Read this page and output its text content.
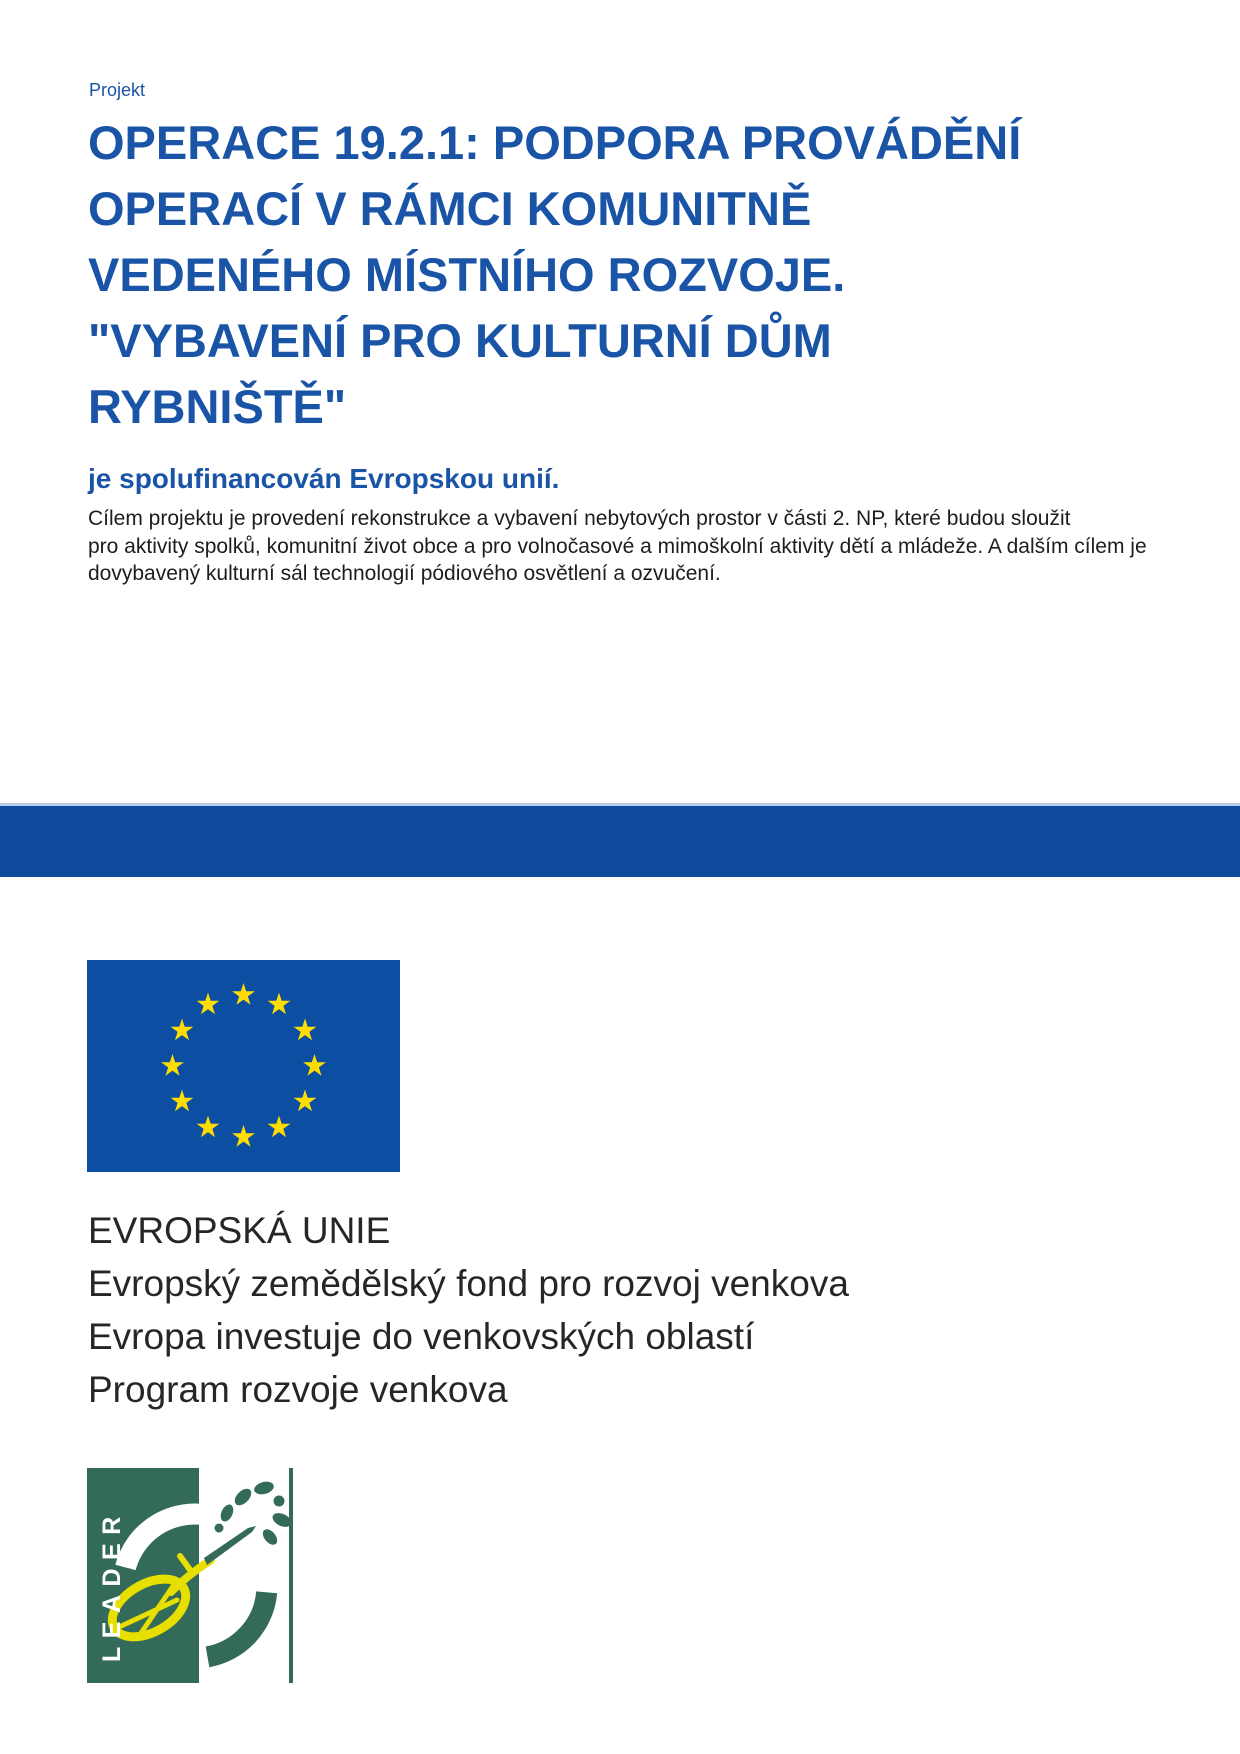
Projekt
OPERACE 19.2.1: PODPORA PROVÁDĚNÍ
OPERACÍ V RÁMCI KOMUNITNĚ
VEDENÉHO MÍSTNÍHO ROZVOJE.
"VYBAVENÍ PRO KULTURNÍ DŮM
RYBNIŠTĚ"
je spolufinancován Evropskou unií.
Cílem projektu je provedení rekonstrukce a vybavení nebytových prostor v části 2. NP, které budou sloužit
pro aktivity spolků, komunitní život obce a pro volnočasové a mimoškolní aktivity dětí a mládeže. A dalším cílem je
dovybavený kulturní sál technologií pódiového osvětlení a ozvučení.
EVROPSKÁ UNIE
Evropský zemědělský fond pro rozvoj venkova
Evropa investuje do venkovských oblastí
Program rozvoje venkova
LEADER
